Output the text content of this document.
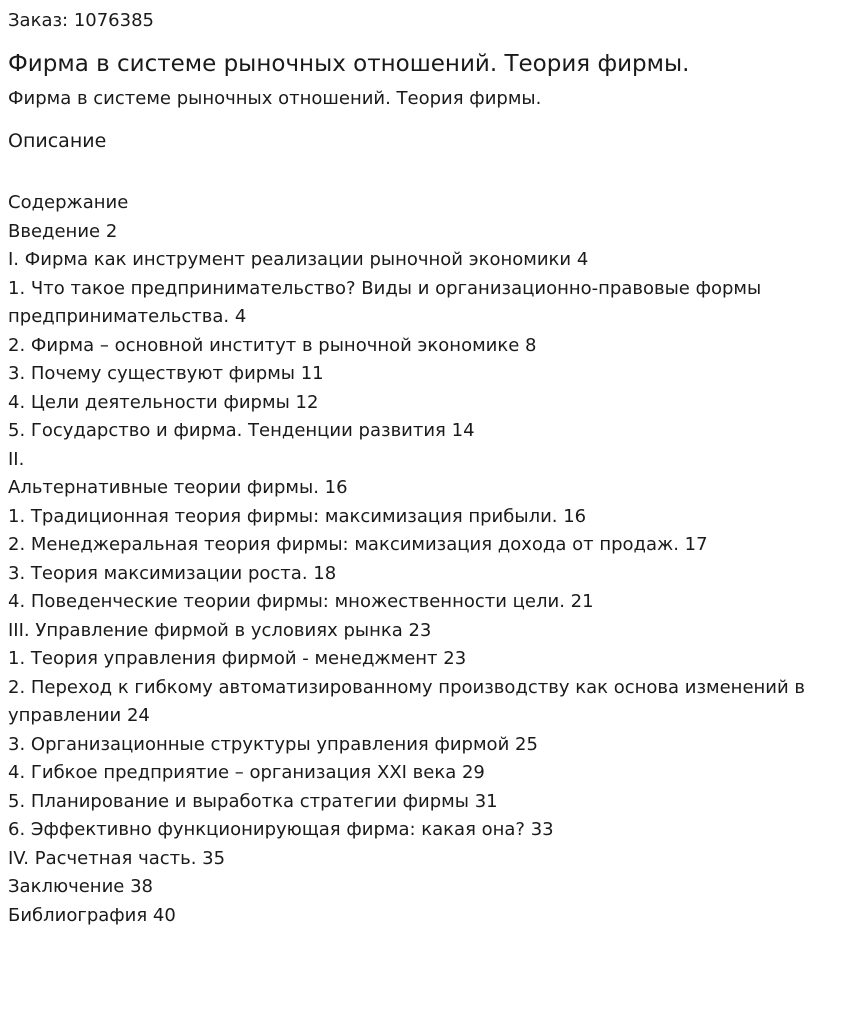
Заказ: 1076385

Фирма в системе рыночных отношений. Теория фирмы.

Фирма в системе рыночных отношений. Теория фирмы.

Описание

Содержание

Введение 2
I. Фирма как инструмент реализации рыночной экономики 4
1. Что такое предпринимательство? Виды и организационно-правовые формы предпринимательства. 4
2. Фирма – основной институт в рыночной экономике 8
3. Почему существуют фирмы 11
4. Цели деятельности фирмы 12
5. Государство и фирма. Тенденции развития 14
II.
Альтернативные теории фирмы. 16
1. Традиционная теория фирмы: максимизация прибыли. 16
2. Менеджеральная теория фирмы: максимизация дохода от продаж. 17
3. Теория максимизации роста. 18
4. Поведенческие теории фирмы: множественности цели. 21
III. Управление фирмой в условиях рынка 23
1. Теория управления фирмой - менеджмент 23
2. Переход к гибкому автоматизированному производству как основа изменений в управлении 24
3. Организационные структуры управления фирмой 25
4. Гибкое предприятие – организация XXI века 29
5. Планирование и выработка стратегии фирмы 31
6. Эффективно функционирующая фирма: какая она? 33
IV. Расчетная часть. 35
Заключение 38
Библиография 40
